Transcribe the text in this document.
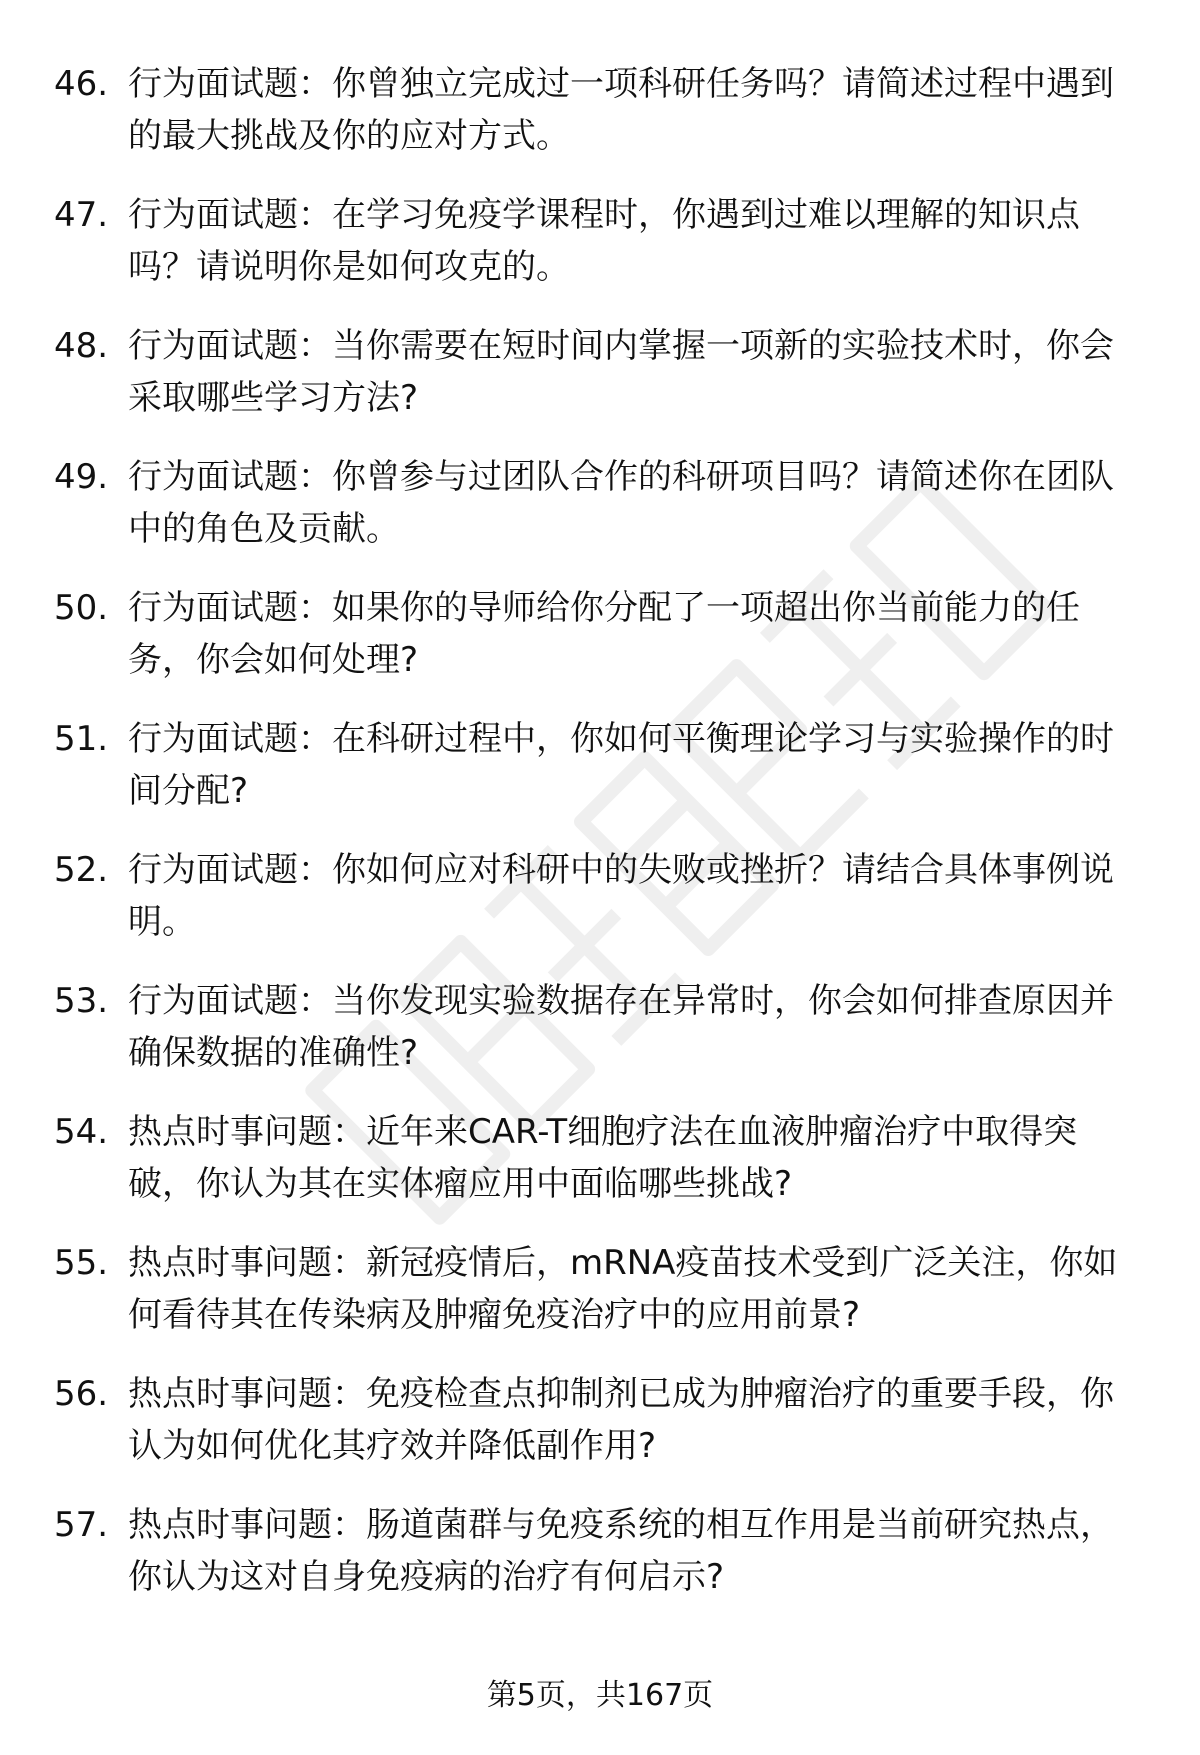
46. 行为面试题：你曾独立完成过一项科研任务吗？请简述过程中遇到的最大挑战及你的应对方式。
47. 行为面试题：在学习免疫学课程时，你遇到过难以理解的知识点吗？请说明你是如何攻克的。
48. 行为面试题：当你需要在短时间内掌握一项新的实验技术时，你会采取哪些学习方法?
49. 行为面试题：你曾参与过团队合作的科研项目吗？请简述你在团队中的角色及贡献。
50. 行为面试题：如果你的导师给你分配了一项超出你当前能力的任务，你会如何处理?
51. 行为面试题：在科研过程中，你如何平衡理论学习与实验操作的时间分配?
52. 行为面试题：你如何应对科研中的失败或挫折？请结合具体事例说明。
53. 行为面试题：当你发现实验数据存在异常时，你会如何排查原因并确保数据的准确性?
54. 热点时事问题：近年来CAR-T细胞疗法在血液肿瘤治疗中取得突破，你认为其在实体瘤应用中面临哪些挑战?
55. 热点时事问题：新冠疫情后，mRNA疫苗技术受到广泛关注，你如何看待其在传染病及肿瘤免疫治疗中的应用前景?
56. 热点时事问题：免疫检查点抑制剂已成为肿瘤治疗的重要手段，你认为如何优化其疗效并降低副作用?
57. 热点时事问题：肠道菌群与免疫系统的相互作用是当前研究热点，你认为这对自身免疫病的治疗有何启示?
第5页，共167页
